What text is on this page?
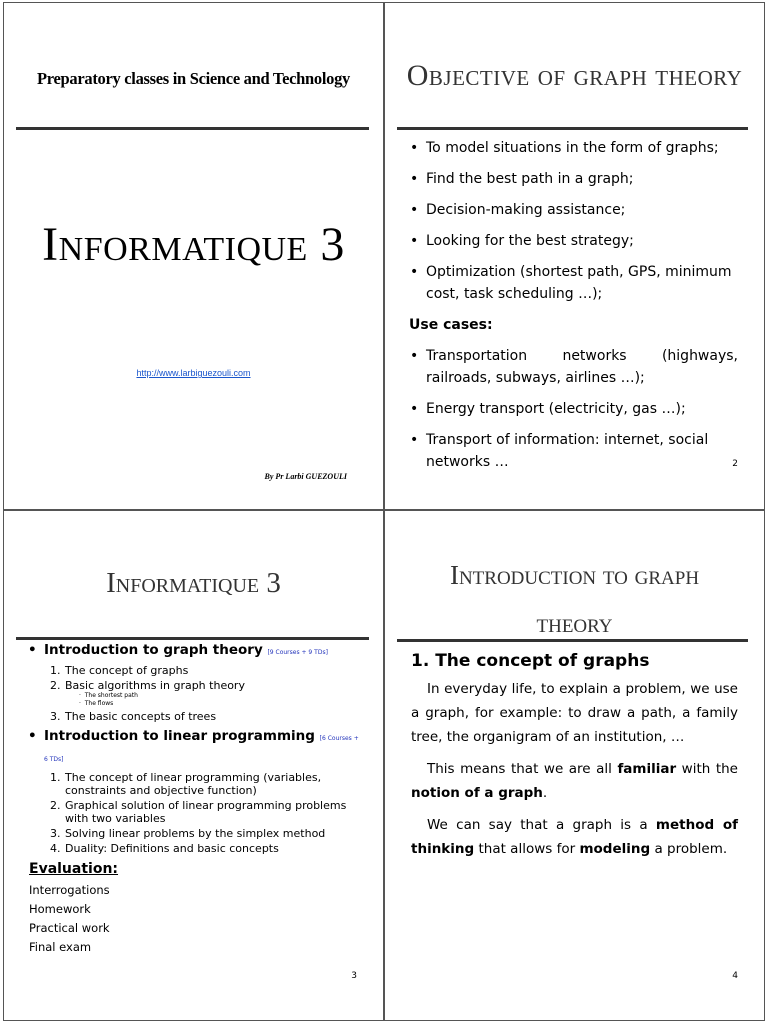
Preparatory classes in Science and Technology
Informatique 3
http://www.larbiguezouli.com
By Pr Larbi GUEZOULI
Objective of graph theory
• To model situations in the form of graphs;
• Find the best path in a graph;
• Decision-making assistance;
• Looking for the best strategy;
• Optimization (shortest path, GPS, minimum cost, task scheduling …);
Use cases:
• Transportation networks (highways, railroads, subways, airlines …);
• Energy transport (electricity, gas …);
• Transport of information: internet, social networks …	2
Informatique 3
• Introduction to graph theory [9 Courses + 9 TDs]
1. The concept of graphs
2. Basic algorithms in graph theory
·  The shortest path
·  The flows
3. The basic concepts of trees
• Introduction to linear programming [6 Courses + 6 TDs]
1. The concept of linear programming (variables, constraints and objective function)
2. Graphical solution of linear programming problems with two variables
3. Solving linear problems by the simplex method
4. Duality: Definitions and basic concepts
Evaluation:
Interrogations
Homework
Practical work
Final exam
3
Introduction to graph
theory
1. The concept of graphs

In everyday life, to explain a problem, we use a graph, for example: to draw a path, a family tree, the organigram of an institution, …

This means that we are all familiar with the notion of a graph.

We can say that a graph is a method of thinking that allows for modeling a problem.

4
